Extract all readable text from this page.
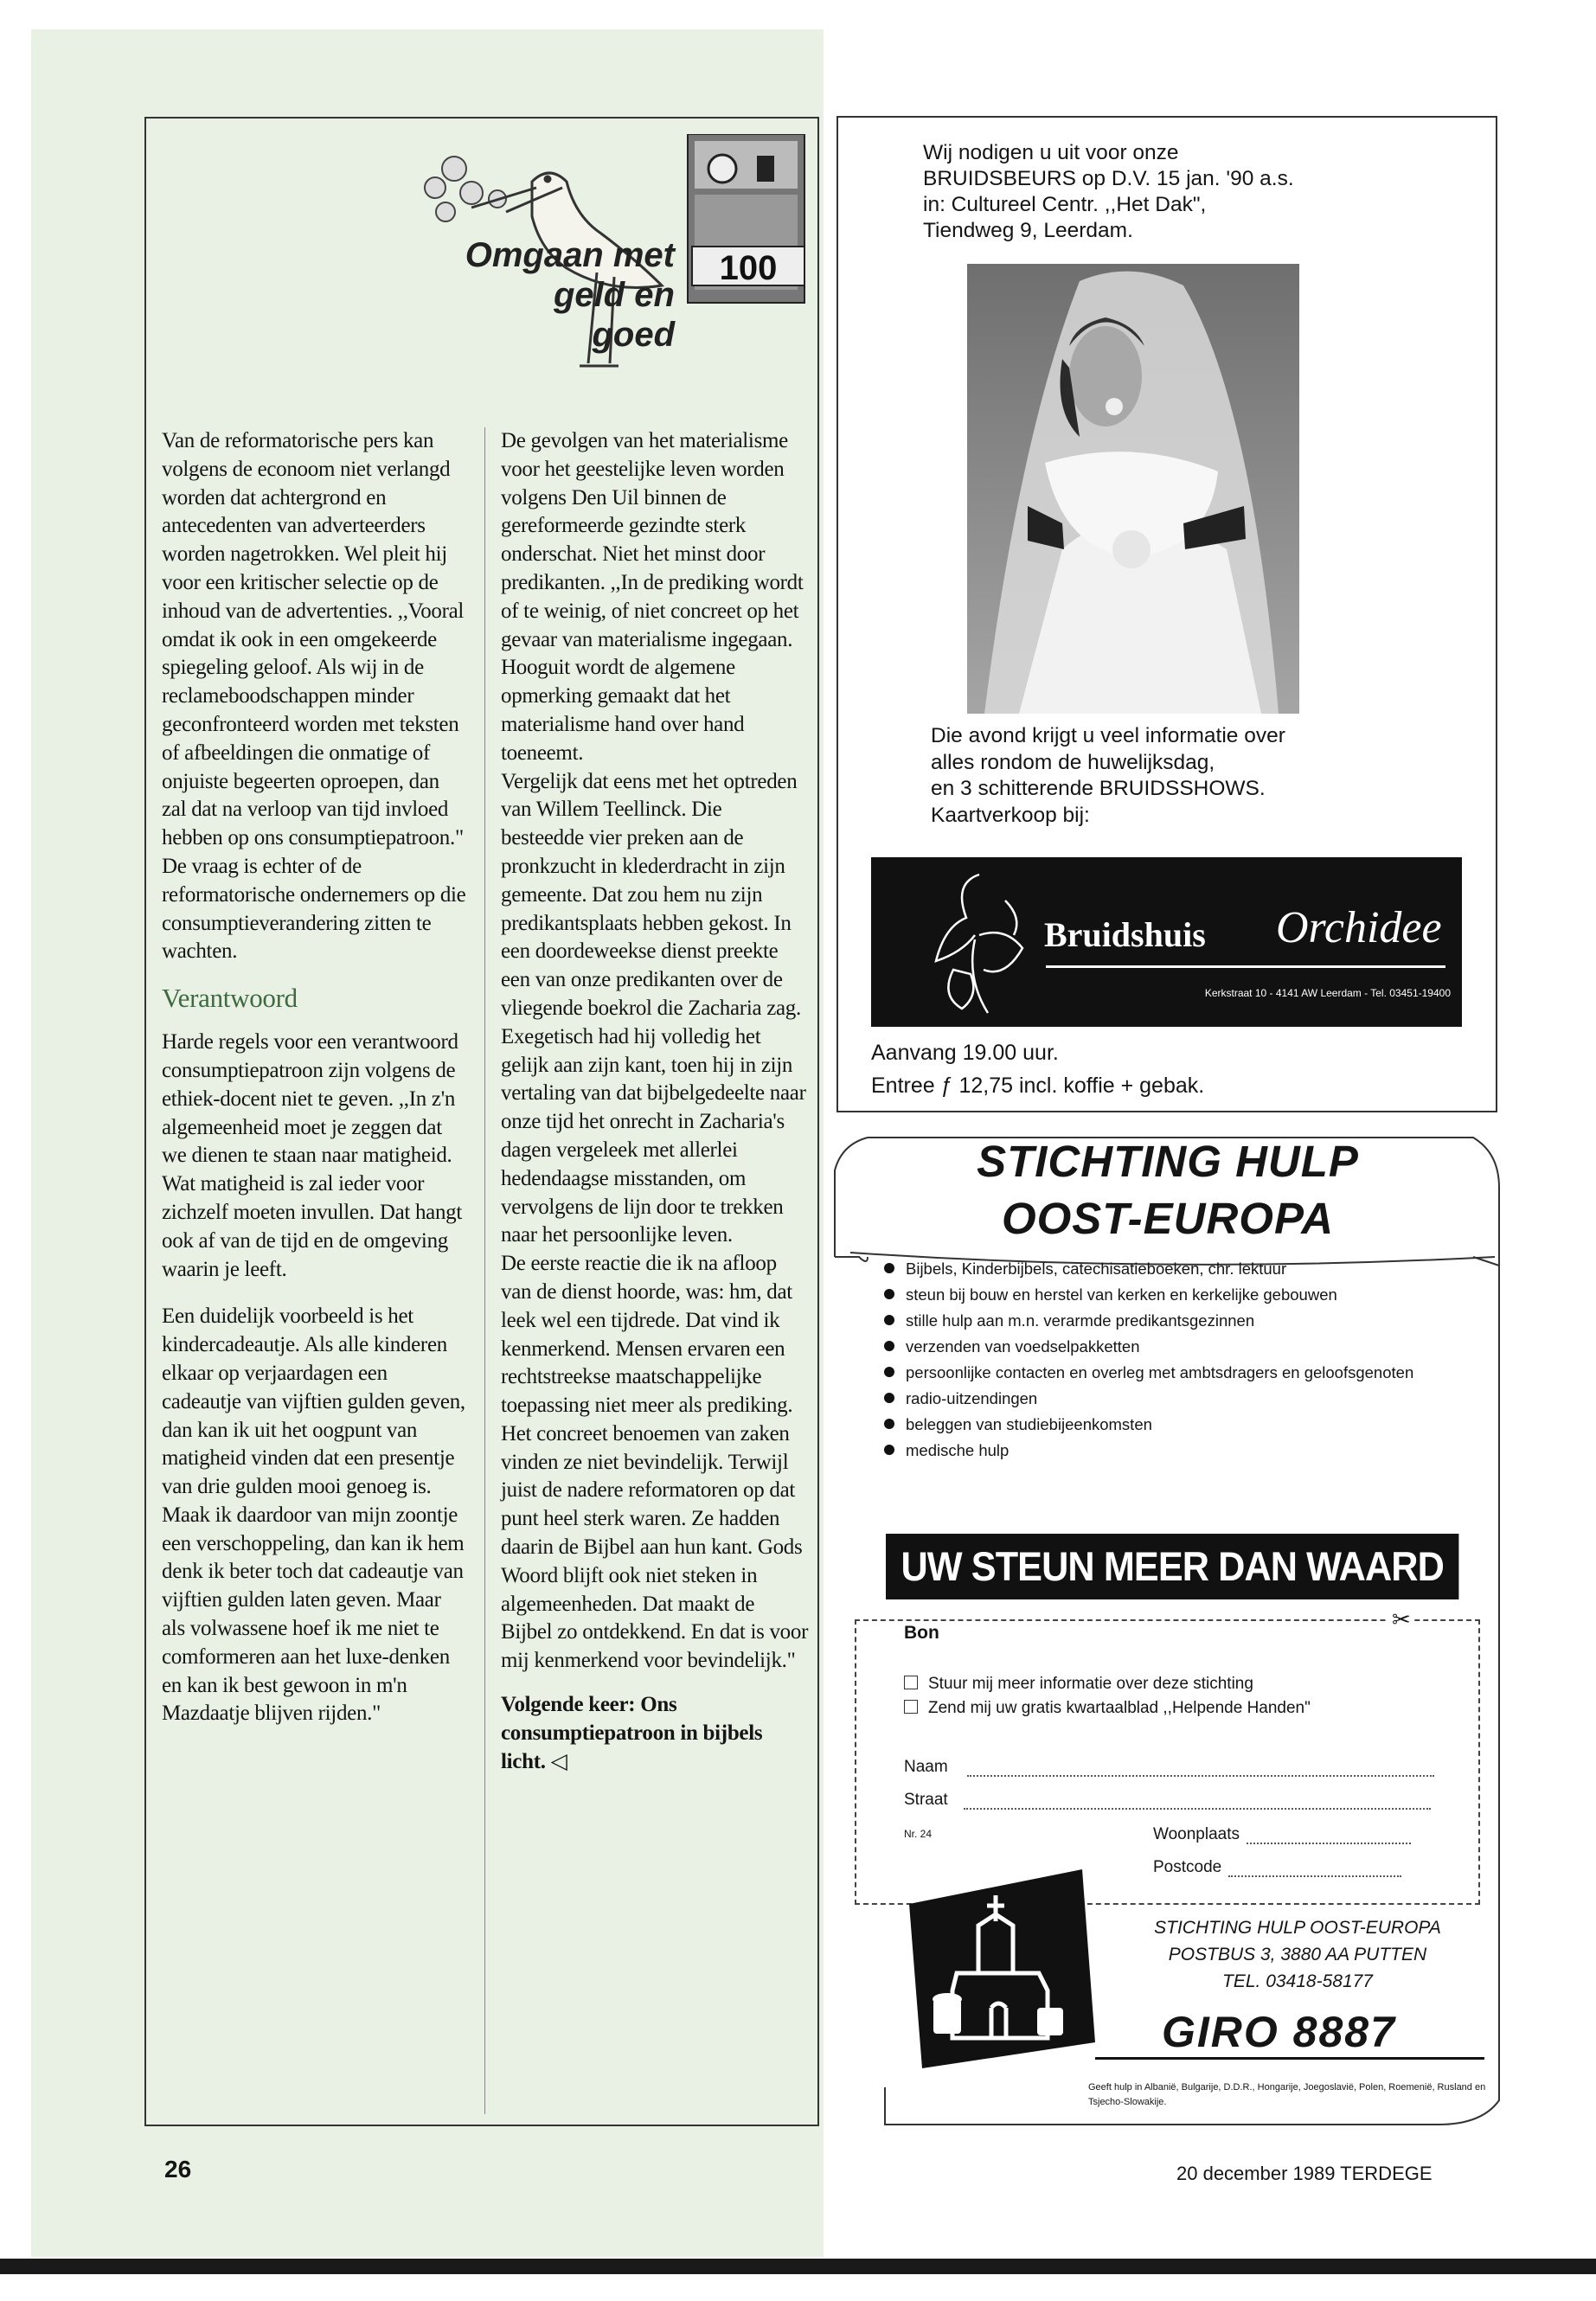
100
Omgaan met
geld en
goed

Van de reformatorische pers kan volgens de econoom niet verlangd worden dat achtergrond en antecedenten van adverteerders worden nagetrokken. Wel pleit hij voor een kritischer selectie op de inhoud van de advertenties. ,,Vooral omdat ik ook in een omgekeerde spiegeling geloof. Als wij in de reclameboodschappen minder geconfronteerd worden met teksten of afbeeldingen die onmatige of onjuiste begeerten oproepen, dan zal dat na verloop van tijd invloed hebben op ons consumptiepatroon."

De vraag is echter of de reformatorische ondernemers op die consumptieverandering zitten te wachten.

Verantwoord

Harde regels voor een verantwoord consumptiepatroon zijn volgens de ethiek-docent niet te geven. ,,In z'n algemeenheid moet je zeggen dat we dienen te staan naar matigheid. Wat matigheid is zal ieder voor zichzelf moeten invullen. Dat hangt ook af van de tijd en de omgeving waarin je leeft.

Een duidelijk voorbeeld is het kindercadeautje. Als alle kinderen elkaar op verjaardagen een cadeautje van vijftien gulden geven, dan kan ik uit het oogpunt van matigheid vinden dat een presentje van drie gulden mooi genoeg is. Maak ik daardoor van mijn zoontje een verschoppeling, dan kan ik hem denk ik beter toch dat cadeautje van vijftien gulden laten geven. Maar als volwassene hoef ik me niet te comformeren aan het luxe-denken en kan ik best gewoon in m'n Mazdaatje blijven rijden."

De gevolgen van het materialisme voor het geestelijke leven worden volgens Den Uil binnen de gereformeerde gezindte sterk onderschat. Niet het minst door predikanten. ,,In de prediking wordt of te weinig, of niet concreet op het gevaar van materialisme ingegaan. Hooguit wordt de algemene opmerking gemaakt dat het materialisme hand over hand toeneemt.

Vergelijk dat eens met het optreden van Willem Teellinck. Die besteedde vier preken aan de pronkzucht in klederdracht in zijn gemeente. Dat zou hem nu zijn predikantsplaats hebben gekost. In een doordeweekse dienst preekte een van onze predikanten over de vliegende boekrol die Zacharia zag. Exegetisch had hij volledig het gelijk aan zijn kant, toen hij in zijn vertaling van dat bijbelgedeelte naar onze tijd het onrecht in Zacharia's dagen vergeleek met allerlei hedendaagse misstanden, om vervolgens de lijn door te trekken naar het persoonlijke leven.

De eerste reactie die ik na afloop van de dienst hoorde, was: hm, dat leek wel een tijdrede. Dat vind ik kenmerkend. Mensen ervaren een rechtstreekse maatschappelijke toepassing niet meer als prediking. Het concreet benoemen van zaken vinden ze niet bevindelijk. Terwijl juist de nadere reformatoren op dat punt heel sterk waren. Ze hadden daarin de Bijbel aan hun kant. Gods Woord blijft ook niet steken in algemeenheden. Dat maakt de Bijbel zo ontdekkend. En dat is voor mij kenmerkend voor bevindelijk."

Volgende keer: Ons consumptiepatroon in bijbels licht. ◁

26	20 december 1989 TERDEGE
Wij nodigen u uit voor onze
BRUIDSBEURS op D.V. 15 jan. '90 a.s.
in: Cultureel Centr. ,,Het Dak",
Tiendweg 9, Leerdam.
Die avond krijgt u veel informatie over
alles rondom de huwelijksdag,
en 3 schitterende BRUIDSSHOWS.
Kaartverkoop bij:
Bruidshuis Orchidee
Kerkstraat 10 - 4141 AW Leerdam - Tel. 03451-19400
Aanvang 19.00 uur.
Entree ƒ 12,75 incl. koffie + gebak.
STICHTING HULP
OOST-EUROPA
Bijbels, Kinderbijbels, catechisatieboeken, chr. lektuur
steun bij bouw en herstel van kerken en kerkelijke gebouwen
stille hulp aan m.n. verarmde predikantsgezinnen
verzenden van voedselpakketten
persoonlijke contacten en overleg met ambtsdragers en geloofsgenoten
radio-uitzendingen
beleggen van studiebijeenkomsten
medische hulp
UW STEUN MEER DAN WAARD
✂
Bon
Stuur mij meer informatie over deze stichting
Zend mij uw gratis kwartaalblad ,,Helpende Handen"
Naam
Straat
Nr. 24	Woonplaats
Postcode
STICHTING HULP OOST-EUROPA
POSTBUS 3, 3880 AA PUTTEN
TEL. 03418-58177
GIRO 8887
Geeft hulp in Albanië, Bulgarije, D.D.R., Hongarije, Joegoslavië, Polen, Roemenië, Rusland en Tsjecho-Slowakije.
